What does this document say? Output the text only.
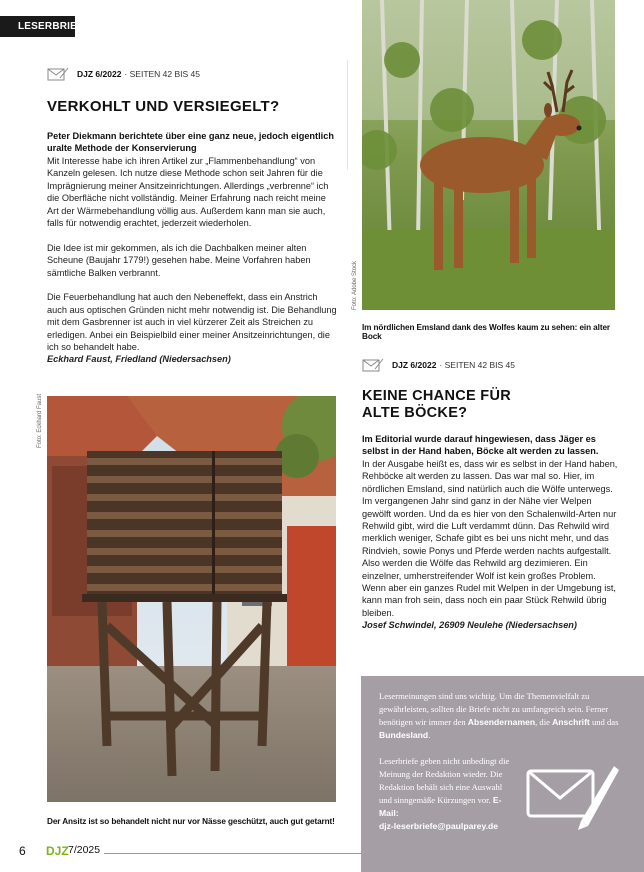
LESERBRIEFE
DJZ 6/2022 · SEITEN 42 BIS 45
VERKOHLT UND VERSIEGELT?
Peter Diekmann berichtete über eine ganz neue, jedoch eigentlich uralte Methode der Konservierung

Mit Interesse habe ich ihren Artikel zur „Flammenbehandlung“ von Kanzeln gelesen. Ich nutze diese Methode schon seit Jahren für die Imprägnierung meiner Ansitzeinrichtungen. Allerdings „verbrenne“ ich die Oberfläche nicht vollständig. Meiner Erfahrung nach reicht meine Art der Wärmebehandlung völlig aus. Außerdem kann man sie auch, falls für notwendig erachtet, jederzeit wiederholen.

Die Idee ist mir gekommen, als ich die Dachbalken meiner alten Scheune (Baujahr 1779!) gesehen habe. Meine Vorfahren haben sämtliche Balken verbrannt.

Die Feuerbehandlung hat auch den Nebeneffekt, dass ein Anstrich auch aus optischen Gründen nicht mehr notwendig ist. Die Behandlung mit dem Gasbrenner ist auch in viel kürzerer Zeit als Streichen zu erledigen. Anbei ein Beispielbild einer meiner Ansitzeinrichtungen, die ich so behandelt habe.

Eckhard Faust, Friedland (Niedersachsen)
Foto: Eckhard Faust
Der Ansitz ist so behandelt nicht nur vor Nässe geschützt, auch gut getarnt!
Foto: Adobe Stock
Im nördlichen Emsland dank des Wolfes kaum zu sehen: ein alter Bock
DJZ 6/2022 · SEITEN 42 BIS 45
KEINE CHANCE FÜR
ALTE BÖCKE?
Im Editorial wurde darauf hingewiesen, dass Jäger es selbst in der Hand haben, Böcke alt werden zu lassen.
In der Ausgabe heißt es, dass wir es selbst in der Hand haben, Rehböcke alt werden zu lassen. Das war mal so. Hier, im nördlichen Emsland, sind natürlich auch die Wölfe unterwegs. Im vergangenen Jahr sind ganz in der Nähe vier Welpen gewölft worden. Und da es hier von den Schalenwild-Arten nur Rehwild gibt, wird die Luft verdammt dünn. Das Rehwild wird merklich weniger, Schafe gibt es bei uns nicht mehr, und das Rindvieh, sowie Ponys und Pferde werden nachts aufgestallt. Also werden die Wölfe das Rehwild arg dezimieren. Ein einzelner, umherstreifender Wolf ist kein großes Problem. Wenn aber ein ganzes Rudel mit Welpen in der Umgebung ist, kann man froh sein, dass noch ein paar Stück Rehwild übrig bleiben.
Josef Schwindel, 26909 Neulehe (Niedersachsen)

Lesermeinungen sind uns wichtig. Um die Themenvielfalt zu gewährleisten, sollten die Briefe nicht zu umfangreich sein. Ferner benötigen wir immer den Absendernamen, die Anschrift und das Bundesland.

Leserbriefe geben nicht unbedingt die Meinung der Redaktion wieder. Die Redaktion behält sich eine Auswahl und sinngemäße Kürzungen vor. E-Mail:
djz-leserbriefe@paulparey.de

6 DJZ 7/2025
